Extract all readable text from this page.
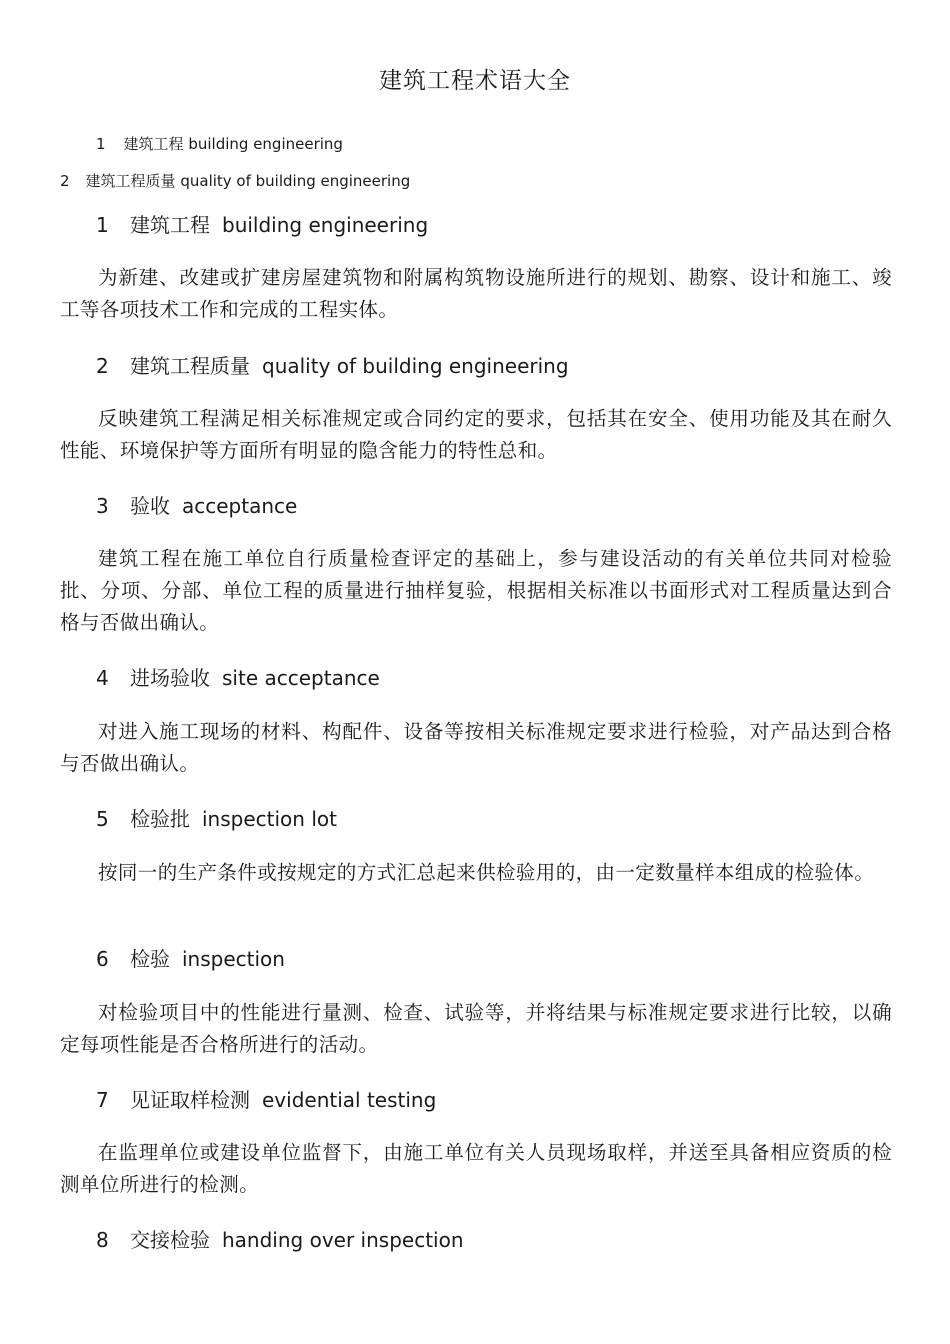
建筑工程术语大全
1 建筑工程 building engineering
2 建筑工程质量 quality of building engineering
1 建筑工程 building engineering

为新建、改建或扩建房屋建筑物和附属构筑物设施所进行的规划、勘察、设计和施工、竣工等各项技术工作和完成的工程实体。

2 建筑工程质量 quality of building engineering

反映建筑工程满足相关标准规定或合同约定的要求，包括其在安全、使用功能及其在耐久性能、环境保护等方面所有明显的隐含能力的特性总和。

3 验收 acceptance

建筑工程在施工单位自行质量检查评定的基础上，参与建设活动的有关单位共同对检验批、分项、分部、单位工程的质量进行抽样复验，根据相关标准以书面形式对工程质量达到合格与否做出确认。

4 进场验收 site acceptance

对进入施工现场的材料、构配件、设备等按相关标准规定要求进行检验，对产品达到合格与否做出确认。

5 检验批 inspection lot

按同一的生产条件或按规定的方式汇总起来供检验用的，由一定数量样本组成的检验体。

6 检验 inspection

对检验项目中的性能进行量测、检查、试验等，并将结果与标准规定要求进行比较，以确定每项性能是否合格所进行的活动。

7 见证取样检测 evidential testing

在监理单位或建设单位监督下，由施工单位有关人员现场取样，并送至具备相应资质的检测单位所进行的检测。

8 交接检验 handing over inspection
